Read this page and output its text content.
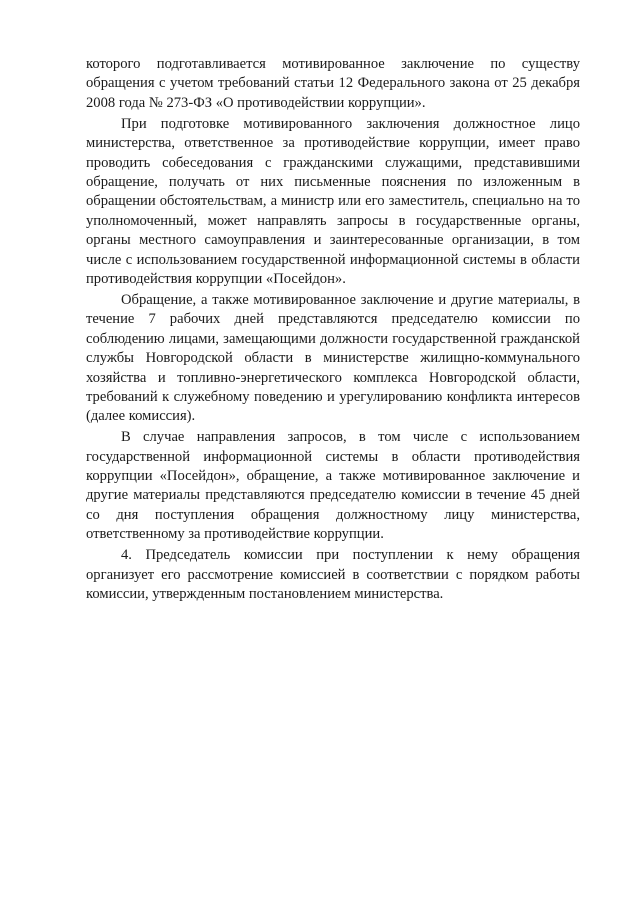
которого подготавливается мотивированное заключение по существу обращения с учетом требований статьи 12 Федерального закона от 25 декабря 2008 года № 273-ФЗ «О противодействии коррупции».

При подготовке мотивированного заключения должностное лицо министерства, ответственное за противодействие коррупции, имеет право проводить собеседования с гражданскими служащими, представившими обращение, получать от них письменные пояснения по изложенным в обращении обстоятельствам, а министр или его заместитель, специально на то уполномоченный, может направлять запросы в государственные органы, органы местного самоуправления и заинтересованные организации, в том числе с использованием государственной информационной системы в области противодействия коррупции «Посейдон».

Обращение, а также мотивированное заключение и другие материалы, в течение 7 рабочих дней представляются председателю комиссии по соблюдению лицами, замещающими должности государственной гражданской службы Новгородской области в министерстве жилищно-коммунального хозяйства и топливно-энергетического комплекса Новгородской области, требований к служебному поведению и урегулированию конфликта интересов (далее комиссия).

В случае направления запросов, в том числе с использованием государственной информационной системы в области противодействия коррупции «Посейдон», обращение, а также мотивированное заключение и другие материалы представляются председателю комиссии в течение 45 дней со дня поступления обращения должностному лицу министерства, ответственному за противодействие коррупции.

4. Председатель комиссии при поступлении к нему обращения организует его рассмотрение комиссией в соответствии с порядком работы комиссии, утвержденным постановлением министерства.
